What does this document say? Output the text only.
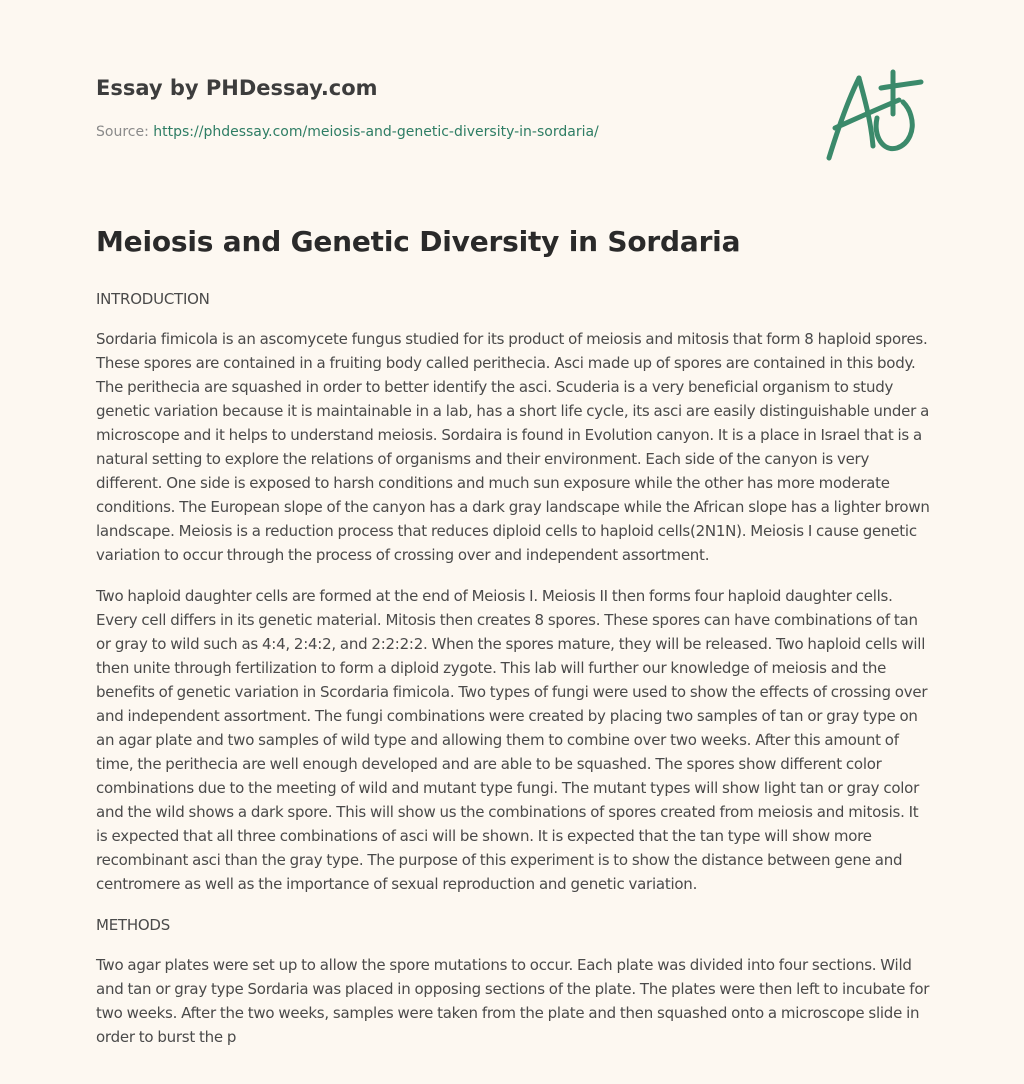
Essay by PHDessay.com

Source: https://phdessay.com/meiosis-and-genetic-diversity-in-sordaria/

Meiosis and Genetic Diversity in Sordaria

INTRODUCTION

Sordaria fimicola is an ascomycete fungus studied for its product of meiosis and mitosis that form 8 haploid spores. These spores are contained in a fruiting body called perithecia. Asci made up of spores are contained in this body. The perithecia are squashed in order to better identify the asci. Scuderia is a very beneficial organism to study genetic variation because it is maintainable in a lab, has a short life cycle, its asci are easily distinguishable under a microscope and it helps to understand meiosis. Sordaira is found in Evolution canyon. It is a place in Israel that is a natural setting to explore the relations of organisms and their environment. Each side of the canyon is very different. One side is exposed to harsh conditions and much sun exposure while the other has more moderate conditions. The European slope of the canyon has a dark gray landscape while the African slope has a lighter brown landscape. Meiosis is a reduction process that reduces diploid cells to haploid cells(2N1N). Meiosis I cause genetic variation to occur through the process of crossing over and independent assortment.

Two haploid daughter cells are formed at the end of Meiosis I. Meiosis II then forms four haploid daughter cells. Every cell differs in its genetic material. Mitosis then creates 8 spores. These spores can have combinations of tan or gray to wild such as 4:4, 2:4:2, and 2:2:2:2. When the spores mature, they will be released. Two haploid cells will then unite through fertilization to form a diploid zygote. This lab will further our knowledge of meiosis and the benefits of genetic variation in Scordaria fimicola. Two types of fungi were used to show the effects of crossing over and independent assortment. The fungi combinations were created by placing two samples of tan or gray type on an agar plate and two samples of wild type and allowing them to combine over two weeks. After this amount of time, the perithecia are well enough developed and are able to be squashed. The spores show different color combinations due to the meeting of wild and mutant type fungi. The mutant types will show light tan or gray color and the wild shows a dark spore. This will show us the combinations of spores created from meiosis and mitosis. It is expected that all three combinations of asci will be shown. It is expected that the tan type will show more recombinant asci than the gray type. The purpose of this experiment is to show the distance between gene and centromere as well as the importance of sexual reproduction and genetic variation.

METHODS

Two agar plates were set up to allow the spore mutations to occur. Each plate was divided into four sections. Wild and tan or gray type Sordaria was placed in opposing sections of the plate. The plates were then left to incubate for two weeks. After the two weeks, samples were taken from the plate and then squashed onto a microscope slide in order to burst the p
